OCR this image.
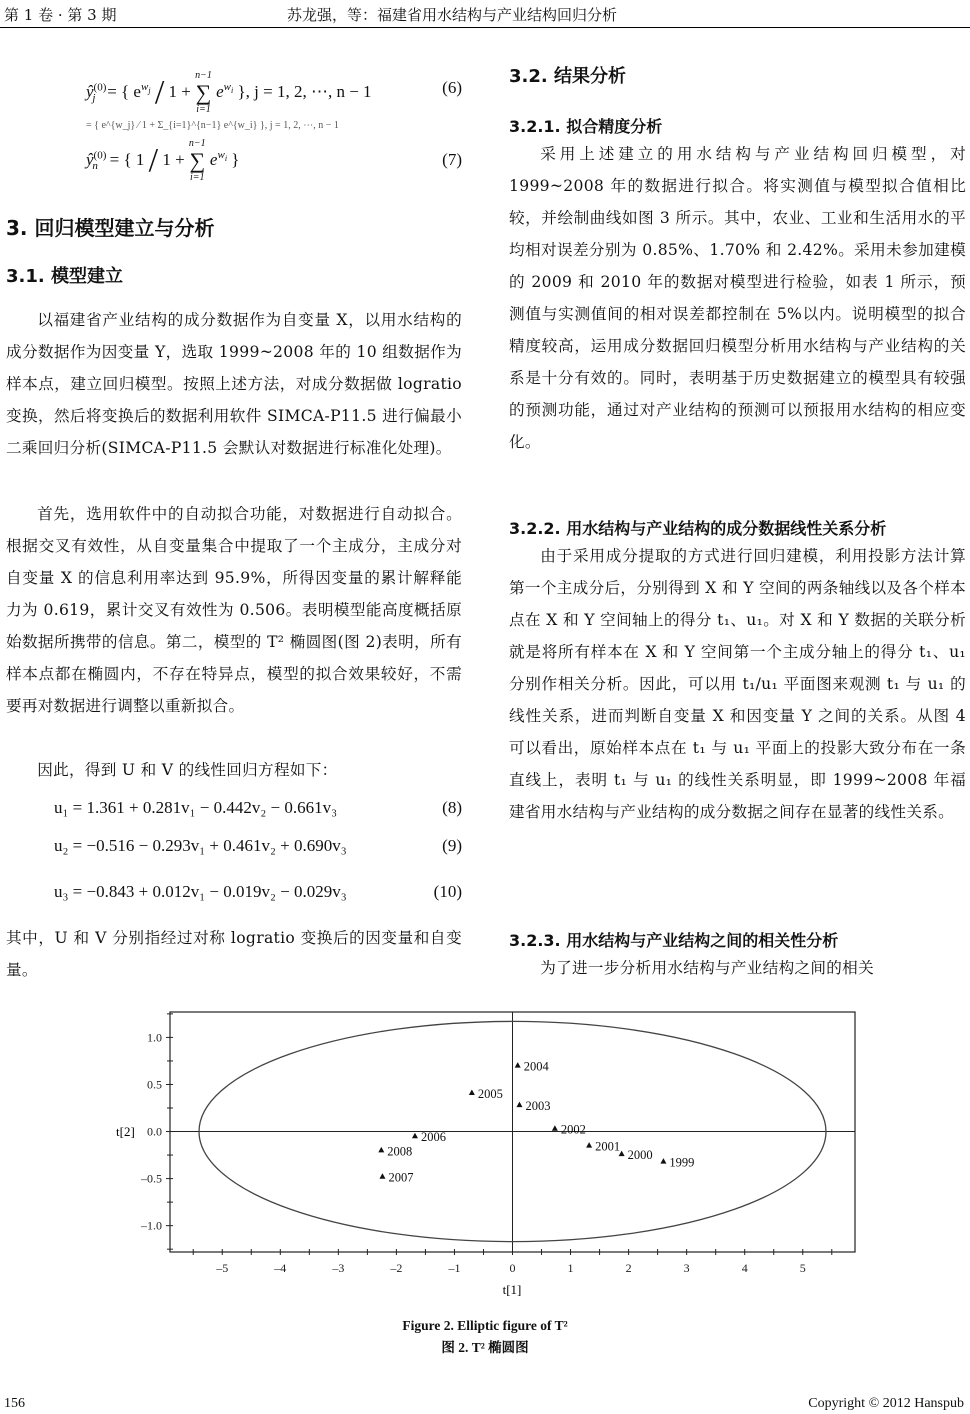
第 1 卷 · 第 3 期	苏龙强，等：福建省用水结构与产业结构回归分析
$ŷ^{(0)}_j$ = { $e^{w_j} / 1$ +
n−1
∑
i=1
$e^{w_i}$ }, j = 1, 2, ⋯, n − 1	(6)
= { e^{w_j} ⁄ 1 + Σ_{i=1}^{n−1} e^{w_i} }, j = 1, 2, ⋯, n − 1
$ŷ^{(0)}_n$ = { 1 / 1 +
n−1
∑
i=1
$e^{w_i}$ }	(7)

3. 回归模型建立与分析

3.1. 模型建立

以福建省产业结构的成分数据作为自变量 X，以用水结构的成分数据作为因变量 Y，选取 1999~2008 年的 10 组数据作为样本点，建立回归模型。按照上述方法，对成分数据做 logratio 变换，然后将变换后的数据利用软件 SIMCA-P11.5 进行偏最小二乘回归分析(SIMCA-P11.5 会默认对数据进行标准化处理)。

首先，选用软件中的自动拟合功能，对数据进行自动拟合。根据交叉有效性，从自变量集合中提取了一个主成分，主成分对自变量 X 的信息利用率达到 95.9%，所得因变量的累计解释能力为 0.619，累计交叉有效性为 0.506。表明模型能高度概括原始数据所携带的信息。第二，模型的 T² 椭圆图(图 2)表明，所有样本点都在椭圆内，不存在特异点，模型的拟合效果较好，不需要再对数据进行调整以重新拟合。

因此，得到 U 和 V 的线性回归方程如下：

u₁ = 1.361 + 0.281v₁ − 0.442v₂ − 0.661v₃	(8)
u₂ = −0.516 − 0.293v₁ + 0.461v₂ + 0.690v₃	(9)
u₃ = −0.843 + 0.012v₁ − 0.019v₂ − 0.029v₃	(10)

其中，U 和 V 分别指经过对称 logratio 变换后的因变量和自变量。

3.2. 结果分析

3.2.1. 拟合精度分析

采用上述建立的用水结构与产业结构回归模型，对 1999~2008 年的数据进行拟合。将实测值与模型拟合值相比较，并绘制曲线如图 3 所示。其中，农业、工业和生活用水的平均相对误差分别为 0.85%、1.70% 和 2.42%。采用未参加建模的 2009 和 2010 年的数据对模型进行检验，如表 1 所示，预测值与实测值间的相对误差都控制在 5%以内。说明模型的拟合精度较高，运用成分数据回归模型分析用水结构与产业结构的关系是十分有效的。同时，表明基于历史数据建立的模型具有较强的预测功能，通过对产业结构的预测可以预报用水结构的相应变化。

3.2.2. 用水结构与产业结构的成分数据线性关系分析

由于采用成分提取的方式进行回归建模，利用投影方法计算第一个主成分后，分别得到 X 和 Y 空间的两条轴线以及各个样本点在 X 和 Y 空间轴上的得分 t₁、u₁。对 X 和 Y 数据的关联分析就是将所有样本在 X 和 Y 空间第一个主成分轴上的得分 t₁、u₁ 分别作相关分析。因此，可以用 t₁/u₁ 平面图来观测 t₁ 与 u₁ 的线性关系，进而判断自变量 X 和因变量 Y 之间的关系。从图 4 可以看出，原始样本点在 t₁ 与 u₁ 平面上的投影大致分布在一条直线上，表明 t₁ 与 u₁ 的线性关系明显，即 1999~2008 年福建省用水结构与产业结构的成分数据之间存在显著的线性关系。

3.2.3. 用水结构与产业结构之间的相关性分析

为了进一步分析用水结构与产业结构之间的相关

1.0
0.5
0.0
–0.5
–1.0
–5	–4	–3	–2	–1	0	1	2	3	4	5
1999
2000
2001
2002
2003
2004
2005
2006
2007
2008
t[2]
t[1]
Figure 2. Elliptic figure of T²
图 2. T² 椭圆图
156	Copyright © 2012 Hanspub
